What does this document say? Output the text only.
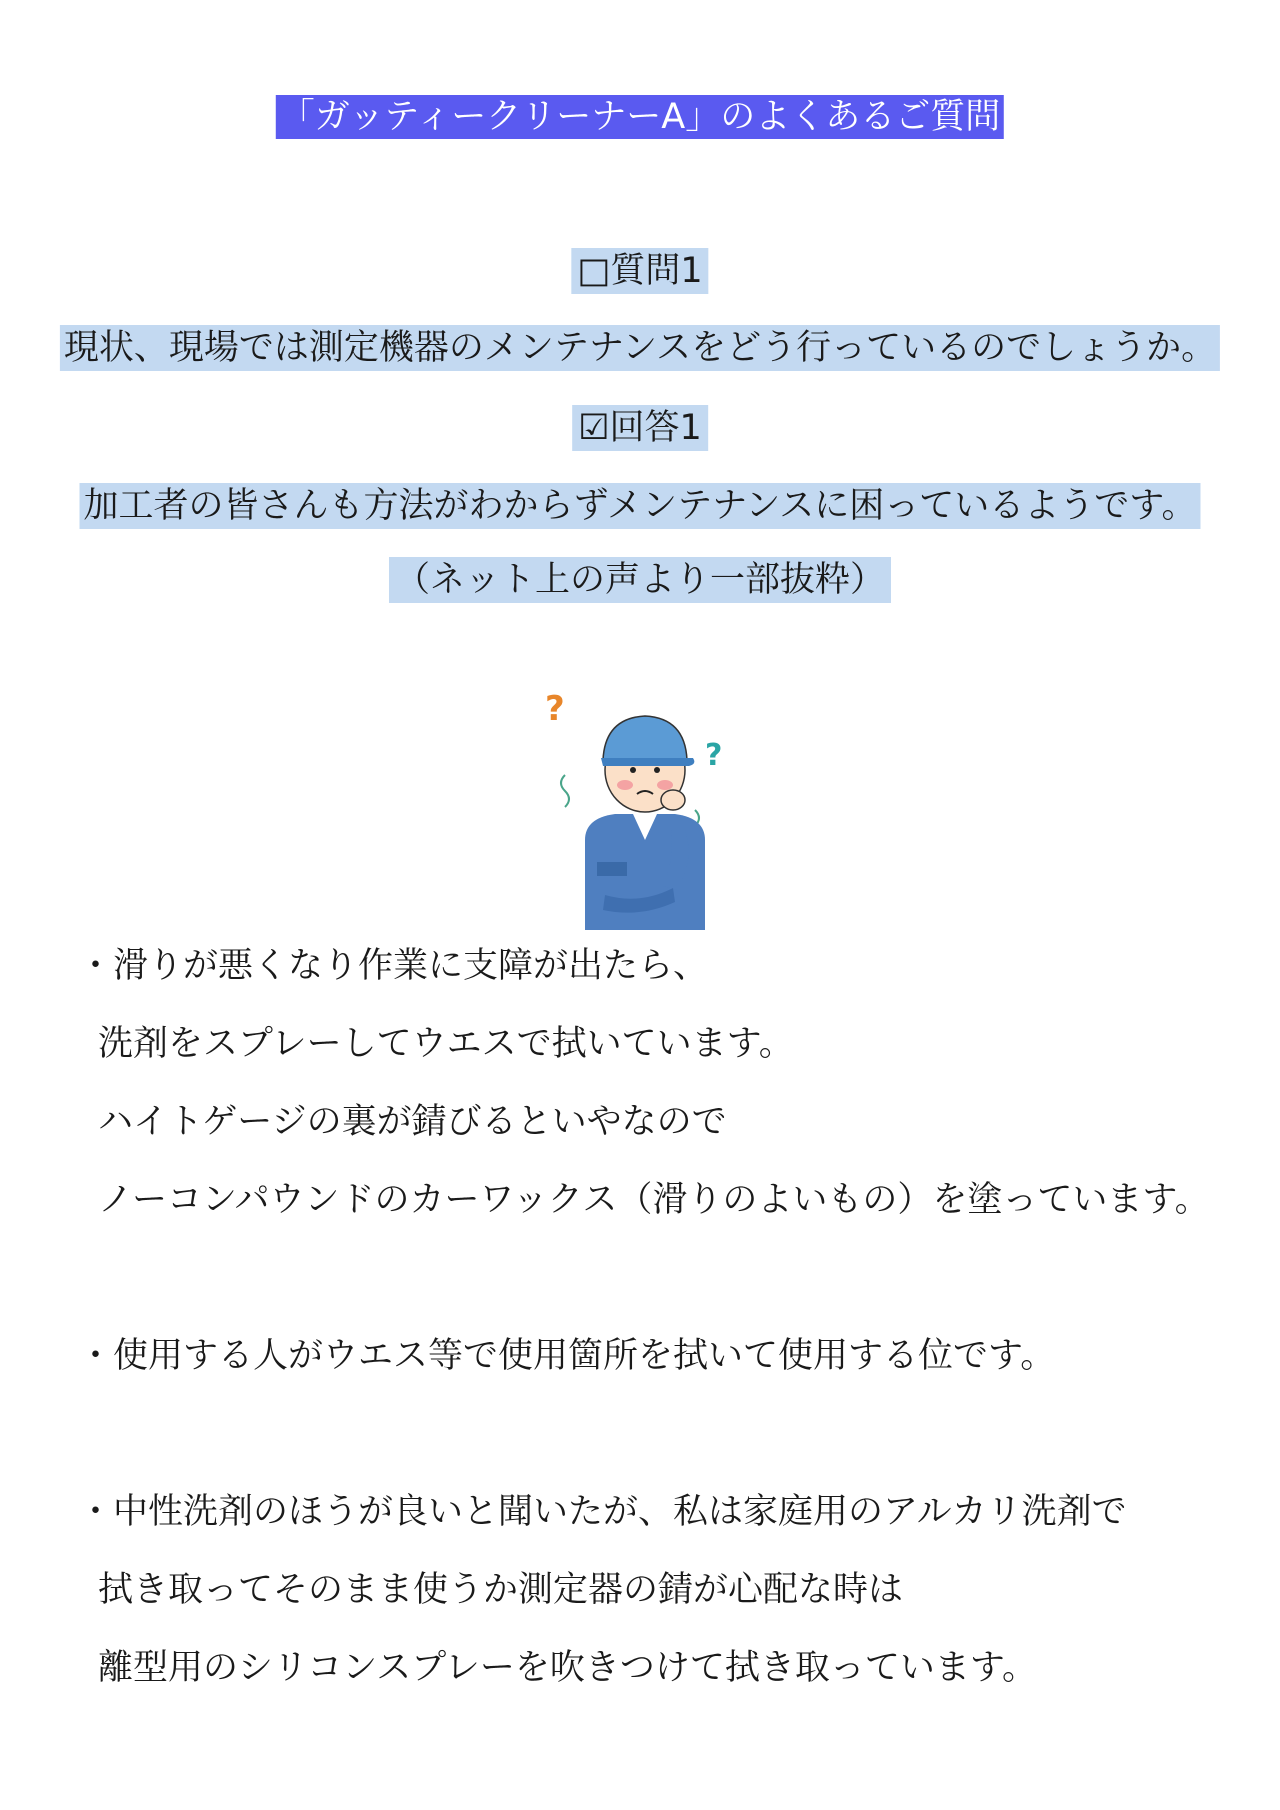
「ガッティークリーナーA」のよくあるご質問
□質問1
現状、現場では測定機器のメンテナンスをどう行っているのでしょうか。
☑回答1
加工者の皆さんも方法がわからずメンテナンスに困っているようです。
（ネット上の声より一部抜粋）
?
?
・滑りが悪くなり作業に支障が出たら、
洗剤をスプレーしてウエスで拭いています。
ハイトゲージの裏が錆びるといやなので
ノーコンパウンドのカーワックス（滑りのよいもの）を塗っています。
・使用する人がウエス等で使用箇所を拭いて使用する位です。
・中性洗剤のほうが良いと聞いたが、私は家庭用のアルカリ洗剤で
拭き取ってそのまま使うか測定器の錆が心配な時は
離型用のシリコンスプレーを吹きつけて拭き取っています。
